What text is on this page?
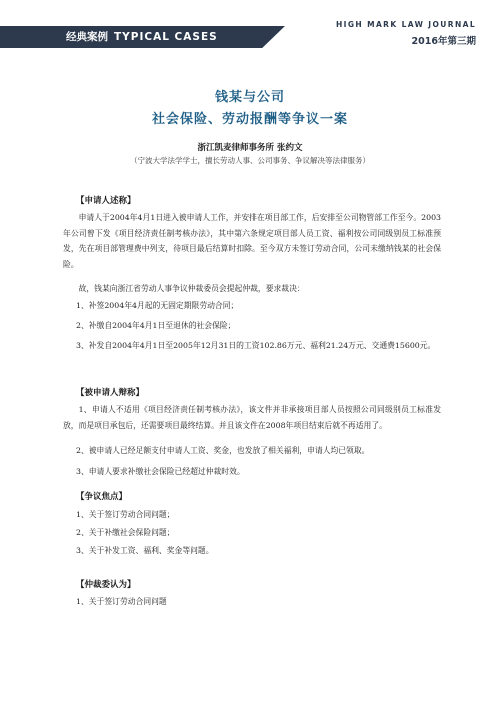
经典案例 TYPICAL CASES
HIGH MARK LAW JOURNAL
2016年第三期
钱某与公司
社会保险、劳动报酬等争议一案
浙江凯麦律师事务所 张约文
（宁波大学法学学士，擅长劳动人事、公司事务、争议解决等法律服务）
【申请人述称】
申请人于2004年4月1日进入被申请人工作，并安排在项目部工作，后安排至公司物管部工作至今。2003年公司曾下发《项目经济责任制考核办法》，其中第六条规定项目部人员工资、福利按公司同级别员工标准预发，先在项目部管理费中列支，待项目最后结算时扣除。至今双方未签订劳动合同，公司未缴纳钱某的社会保险。
故，钱某向浙江省劳动人事争议仲裁委员会提起仲裁，要求裁决：
1、补签2004年4月起的无固定期限劳动合同；
2、补缴自2004年4月1日至退休的社会保险；
3、补发自2004年4月1日至2005年12月31日的工资102.86万元、福利21.24万元、交通费15600元。
【被申请人辩称】
1、申请人不适用《项目经济责任制考核办法》，该文件并非承接项目部人员按照公司同级别员工标准发放，而是项目承包后，还需要项目最终结算。并且该文件在2008年项目结束后就不再适用了。
2、被申请人已经足额支付申请人工资、奖金，也发放了相关福利，申请人均已领取。
3、申请人要求补缴社会保险已经超过仲裁时效。
【争议焦点】
1、关于签订劳动合同问题；
2、关于补缴社会保险问题；
3、关于补发工资、福利、奖金等问题。
【仲裁委认为】
1、关于签订劳动合同问题
